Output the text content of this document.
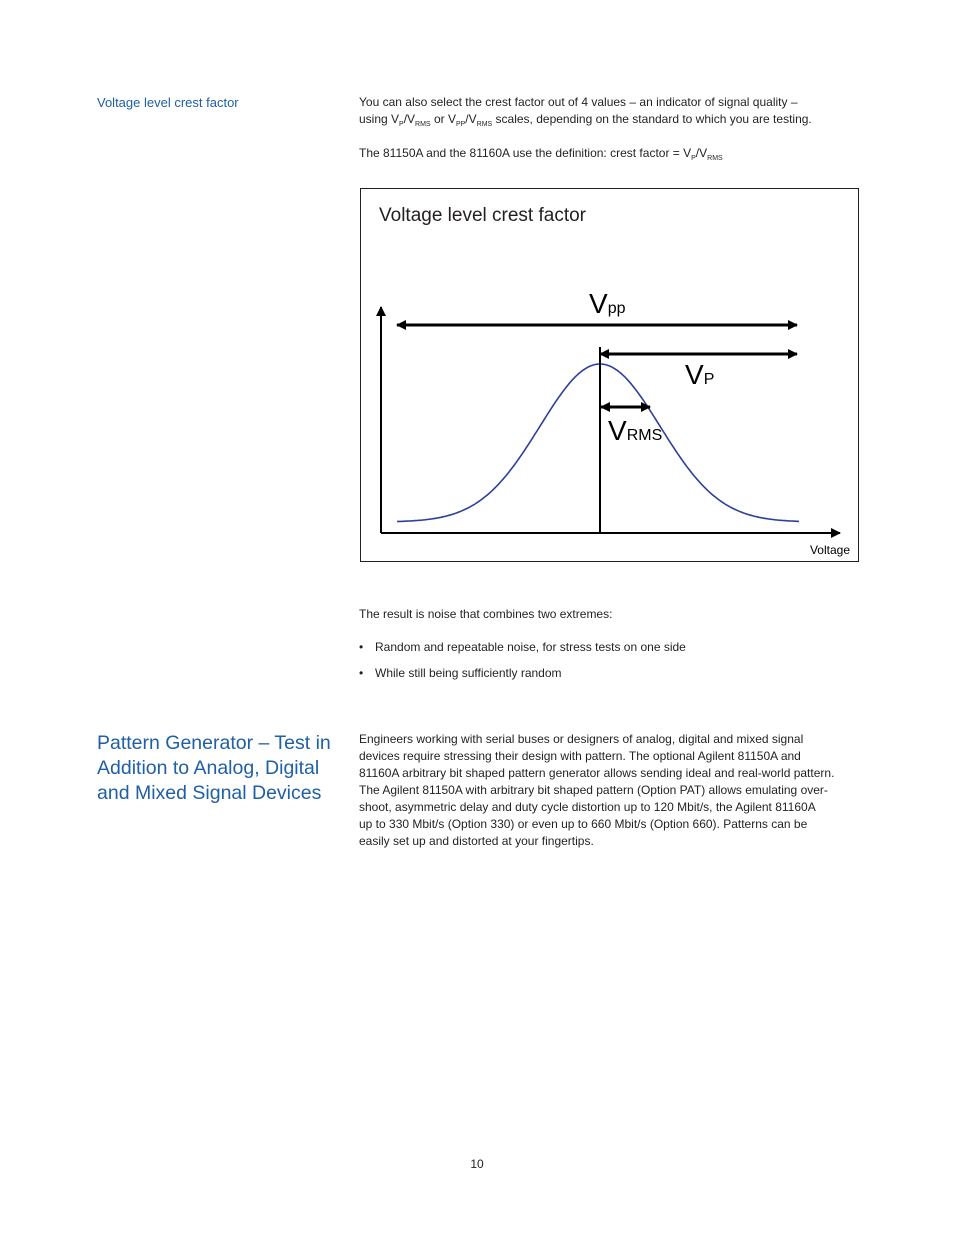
Voltage level crest factor	You can also select the crest factor out of 4 values – an indicator of signal quality –
using $V_P/V_{RMS}$ or $V_{PP}/V_{RMS}$ scales, depending on the standard to which you are testing.
The 81150A and the 81160A use the definition: crest factor = $V_P/V_{RMS}$
Voltage level crest factor
Vpp
VP
VRMS
Voltage
The result is noise that combines two extremes:
• Random and repeatable noise, for stress tests on one side
• While still being sufficiently random
Pattern Generator – Test in
Addition to Analog, Digital
and Mixed Signal Devices
Engineers working with serial buses or designers of analog, digital and mixed signal
devices require stressing their design with pattern. The optional Agilent 81150A and
81160A arbitrary bit shaped pattern generator allows sending ideal and real-world pattern.
The Agilent 81150A with arbitrary bit shaped pattern (Option PAT) allows emulating over-
shoot, asymmetric delay and duty cycle distortion up to 120 Mbit/s, the Agilent 81160A
up to 330 Mbit/s (Option 330) or even up to 660 Mbit/s (Option 660). Patterns can be
easily set up and distorted at your fingertips.
10
